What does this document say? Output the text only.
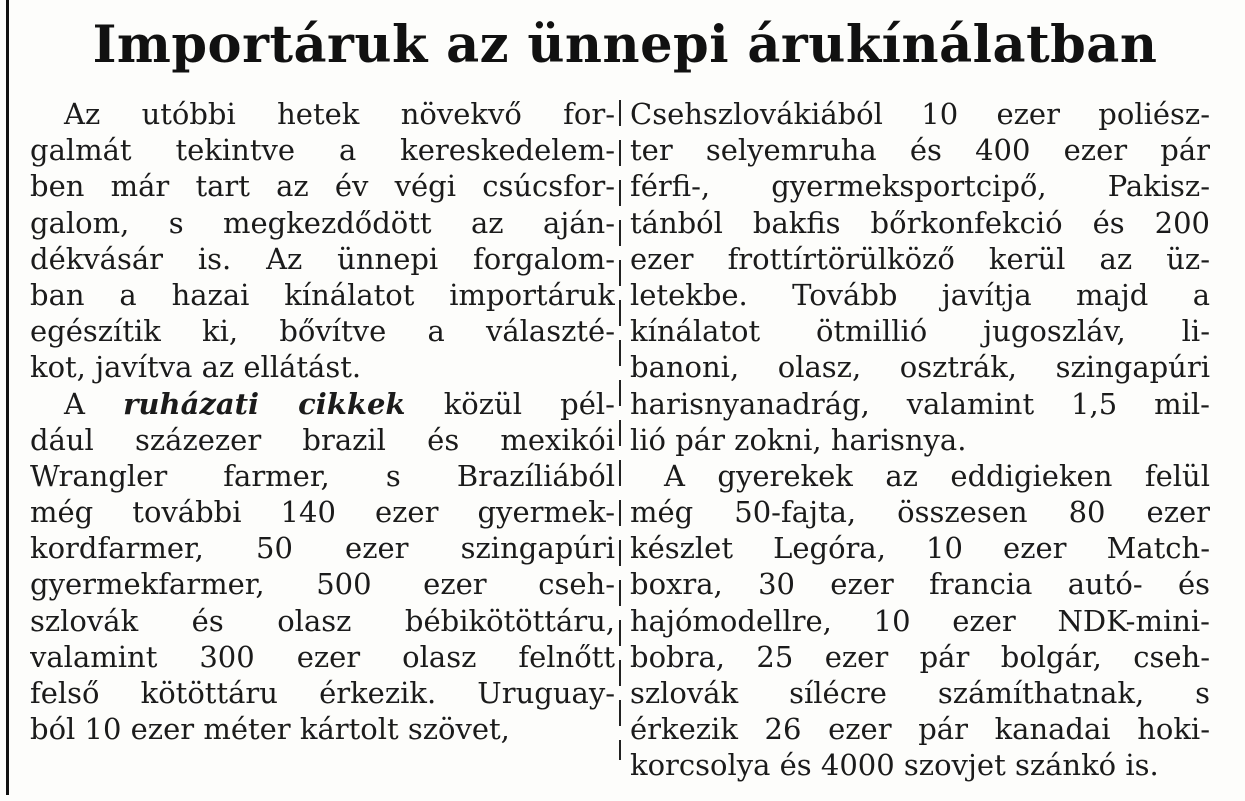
Importáruk az ünnepi árukínálatban
Az utóbbi hetek növekvő for-
galmát tekintve a kereskedelem-
ben már tart az év végi csúcsfor-
galom, s megkezdődött az aján-
dékvásár is. Az ünnepi forgalom-
ban a hazai kínálatot importáruk
egészítik ki, bővítve a választé-
kot, javítva az ellátást.
A ruházati cikkek közül pél-
dául százezer brazil és mexikói
Wrangler farmer, s Brazíliából
még további 140 ezer gyermek-
kordfarmer, 50 ezer szingapúri
gyermekfarmer, 500 ezer cseh-
szlovák és olasz bébikötöttáru,
valamint 300 ezer olasz felnőtt
felső kötöttáru érkezik. Uruguay-
ból 10 ezer méter kártolt szövet,
Csehszlovákiából 10 ezer poliész-
ter selyemruha és 400 ezer pár
férfi-, gyermeksportcipő, Pakisz-
tánból bakfis bőrkonfekció és 200
ezer frottírtörülköző kerül az üz-
letekbe. Tovább javítja majd a
kínálatot ötmillió jugoszláv, li-
banoni, olasz, osztrák, szingapúri
harisnyanadrág, valamint 1,5 mil-
lió pár zokni, harisnya.
A gyerekek az eddigieken felül
még 50-fajta, összesen 80 ezer
készlet Legóra, 10 ezer Match-
boxra, 30 ezer francia autó- és
hajómodellre, 10 ezer NDK-mini-
bobra, 25 ezer pár bolgár, cseh-
szlovák sílécre számíthatnak, s
érkezik 26 ezer pár kanadai hoki-
korcsolya és 4000 szovjet szánkó is.
